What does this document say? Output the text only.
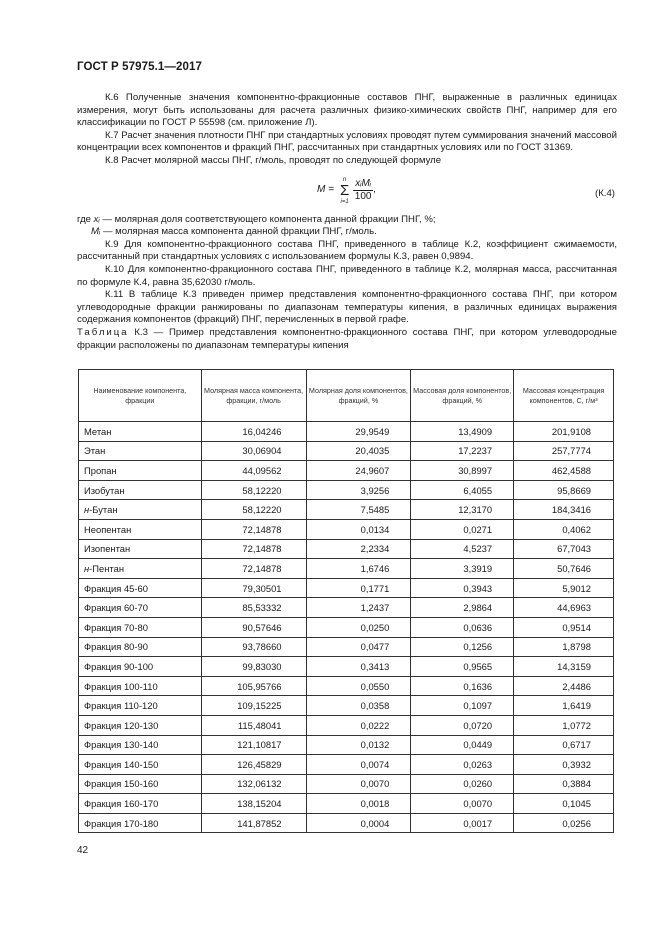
ГОСТ Р 57975.1—2017

К.6 Полученные значения компонентно-фракционные составов ПНГ, выраженные в различных единицах измерения, могут быть использованы для расчета различных физико-химических свойств ПНГ, например для его классификации по ГОСТ Р 55598 (см. приложение Л).

К.7 Расчет значения плотности ПНГ при стандартных условиях проводят путем суммирования значений массовой концентрации всех компонентов и фракций ПНГ, рассчитанных при стандартных условиях или по ГОСТ 31369.

К.8 Расчет молярной массы ПНГ, г/моль, проводят по следующей формуле

M =
n
Σ
$i=1 \frac{\text{xᵢMᵢ}}{100}$ ,	(К.4)

где xᵢ — молярная доля соответствующего компонента данной фракции ПНГ, %;

Mᵢ — молярная масса компонента данной фракции ПНГ, г/моль.

К.9 Для компонентно-фракционного состава ПНГ, приведенного в таблице К.2, коэффициент сжимаемости, рассчитанный при стандартных условиях с использованием формулы К.3, равен 0,9894.

К.10 Для компонентно-фракционного состава ПНГ, приведенного в таблице К.2, молярная масса, рассчитанная по формуле К.4, равна 35,62030 г/моль.

К.11 В таблице К.3 приведен пример представления компонентно-фракционного состава ПНГ, при котором углеводородные фракции ранжированы по диапазонам температуры кипения, в различных единицах выражения содержания компонентов (фракций) ПНГ, перечисленных в первой графе.

Таблица К.3 — Пример представления компонентно-фракционного состава ПНГ, при котором углеводородные фракции расположены по диапазонам температуры кипения

Наименование компонента, фракции	Молярная масса компонента, фракции, г/моль	Молярная доля компонентов, фракций, %	Массовая доля компонентов, фракций, %	Массовая концентрация компонентов, С, г/м³
Метан	16,04246	29,9549	13,4909	201,9108
Этан	30,06904	20,4035	17,2237	257,7774
Пропан	44,09562	24,9607	30,8997	462,4588
Изобутан	58,12220	3,9256	6,4055	95,8669
н-Бутан	58,12220	7,5485	12,3170	184,3416
Неопентан	72,14878	0,0134	0,0271	0,4062
Изопентан	72,14878	2,2334	4,5237	67,7043
н-Пентан	72,14878	1,6746	3,3919	50,7646
Фракция 45-60	79,30501	0,1771	0,3943	5,9012
Фракция 60-70	85,53332	1,2437	2,9864	44,6963
Фракция 70-80	90,57646	0,0250	0,0636	0,9514
Фракция 80-90	93,78660	0,0477	0,1256	1,8798
Фракция 90-100	99,83030	0,3413	0,9565	14,3159
Фракция 100-110	105,95766	0,0550	0,1636	2,4486
Фракция 110-120	109,15225	0,0358	0,1097	1,6419
Фракция 120-130	115,48041	0,0222	0,0720	1,0772
Фракция 130-140	121,10817	0,0132	0,0449	0,6717
Фракция 140-150	126,45829	0,0074	0,0263	0,3932
Фракция 150-160	132,06132	0,0070	0,0260	0,3884
Фракция 160-170	138,15204	0,0018	0,0070	0,1045
Фракция 170-180	141,87852	0,0004	0,0017	0,0256
42
